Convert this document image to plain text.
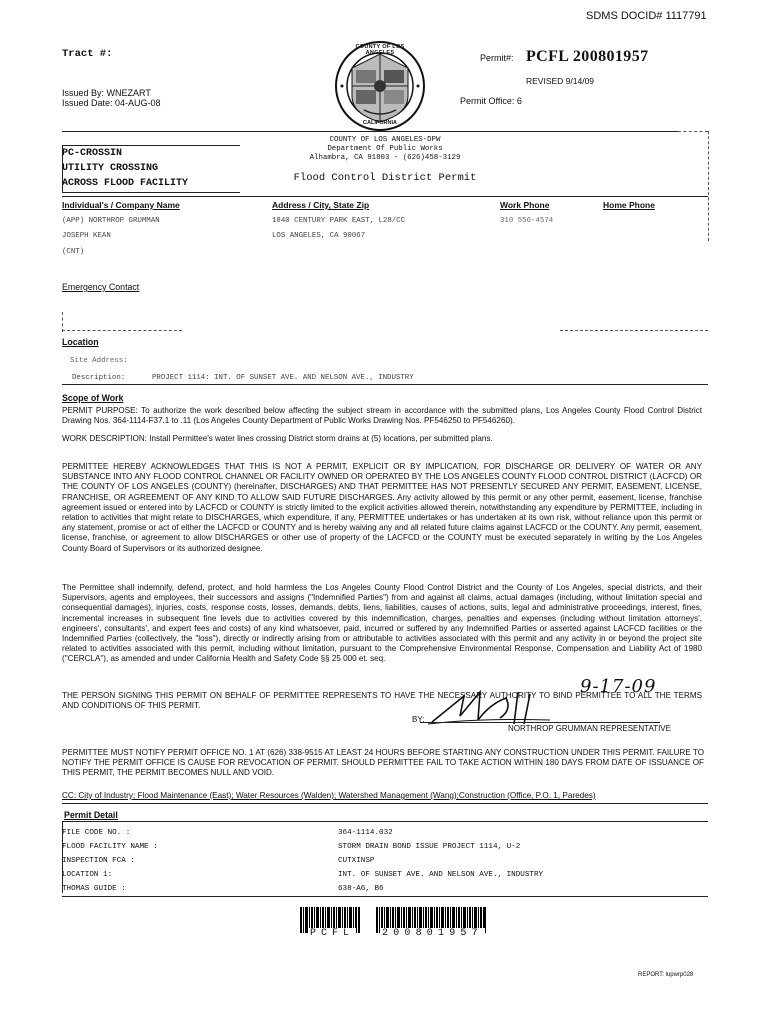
SDMS DOCID# 1117791
Tract #:
COUNTY OF LOS ANGELES
CALIFORNIA
Permit#: PCFL 200801957
REVISED 9/14/09
Issued By: WNEZART
Issued Date: 04-AUG-08	Permit Office: 6
PC-CROSSIN
UTILITY CROSSING
ACROSS FLOOD FACILITY
COUNTY OF LOS ANGELES-DPW
Department Of Public Works
Alhambra, CA 91803 - (626)458-3129
Flood Control District Permit
Individual's / Company Name	Address / City, State Zip	Work Phone	Home Phone
(APP) NORTHROP GRUMMAN	1840 CENTURY PARK EAST, L28/CC	310 556-4574
JOSEPH KEAN	LOS ANGELES, CA 90067
(CNT)
Emergency Contact
Location
Site Address:
Description:	PROJECT 1114: INT. OF SUNSET AVE. AND NELSON AVE., INDUSTRY
Scope of Work
PERMIT PURPOSE: To authorize the work described below affecting the subject stream in accordance with the submitted plans, Los Angeles County Flood Control District Drawing Nos. 364-1114-F37.1 to .11 (Los Angeles County Department of Public Works Drawing Nos. PF546250 to PF546260).
WORK DESCRIPTION: Install Permittee's water lines crossing District storm drains at (5) locations, per submitted plans.
PERMITTEE HEREBY ACKNOWLEDGES THAT THIS IS NOT A PERMIT, EXPLICIT OR BY IMPLICATION, FOR DISCHARGE OR DELIVERY OF WATER OR ANY SUBSTANCE INTO ANY FLOOD CONTROL CHANNEL OR FACILITY OWNED OR OPERATED BY THE LOS ANGELES COUNTY FLOOD CONTROL DISTRICT (LACFCD) OR THE COUNTY OF LOS ANGELES (COUNTY) (hereinafter, DISCHARGES) AND THAT PERMITTEE HAS NOT PRESENTLY SECURED ANY PERMIT, EASEMENT, LICENSE, FRANCHISE, OR AGREEMENT OF ANY KIND TO ALLOW SAID FUTURE DISCHARGES. Any activity allowed by this permit or any other permit, easement, license, franchise agreement issued or entered into by LACFCD or COUNTY is strictly limited to the explicit activities allowed therein, notwithstanding any expenditure by PERMITTEE, including in relation to activities that might relate to DISCHARGES, which expenditure, if any, PERMITTEE undertakes or has undertaken at its own risk, without reliance upon this permit or any statement, promise or act of either the LACFCD or COUNTY and is hereby waiving any and all related future claims against LACFCD or the COUNTY. Any permit, easement, license, franchise, or agreement to allow DISCHARGES or other use of property of the LACFCD or the COUNTY must be executed separately in writing by the Los Angeles County Board of Supervisors or its authorized designee.
The Permittee shall indemnify, defend, protect, and hold harmless the Los Angeles County Flood Control District and the County of Los Angeles, special districts, and their Supervisors, agents and employees, their successors and assigns ("Indemnified Parties") from and against all claims, actual damages (including, without limitation special and consequential damages), injuries, costs, response costs, losses, demands, debts, liens, liabilities, causes of actions, suits, legal and administrative proceedings, interest, fines, incremental increases in subsequent fine levels due to activities covered by this indemnification, charges, penalties and expenses (including without limitation attorneys', engineers', consultants', and expert fees and costs) of any kind whatsoever, paid, incurred or suffered by any Indemnified Parties or asserted against LACFCD facilities or the Indemnified Parties (collectively, the "loss"), directly or indirectly arising from or attributable to activities associated with this permit and any activity in or beyond the project site related to activities associated with this permit, including without limitation, pursuant to the Comprehensive Environmental Response, Compensation and Liability Act of 1980 ("CERCLA"), as amended and under California Health and Safety Code §§ 25 000 et. seq.
THE PERSON SIGNING THIS PERMIT ON BEHALF OF PERMITTEE REPRESENTS TO HAVE THE NECESSARY AUTHORITY TO BIND PERMITTEE TO ALL THE TERMS AND CONDITIONS OF THIS PERMIT.
BY:
9-17-09
NORTHROP GRUMMAN REPRESENTATIVE
PERMITTEE MUST NOTIFY PERMIT OFFICE NO. 1 AT (626) 338-9515 AT LEAST 24 HOURS BEFORE STARTING ANY CONSTRUCTION UNDER THIS PERMIT. FAILURE TO NOTIFY THE PERMIT OFFICE IS CAUSE FOR REVOCATION OF PERMIT. SHOULD PERMITTEE FAIL TO TAKE ACTION WITHIN 180 DAYS FROM DATE OF ISSUANCE OF THIS PERMIT, THE PERMIT BECOMES NULL AND VOID.
CC: City of Industry; Flood Maintenance (East); Water Resources (Walden); Watershed Management (Wang);Construction (Office, P.O. 1, Paredes)
Permit Detail
FILE CODE NO. :	364-1114.032
FLOOD FACILITY NAME :	STORM DRAIN BOND ISSUE PROJECT 1114, U-2
INSPECTION FCA :	CUTXINSP
LOCATION 1:	INT. OF SUNSET AVE. AND NELSON AVE., INDUSTRY
THOMAS GUIDE :	638-A6, B6
PCFL	200801957
REPORT: lupwrp028
